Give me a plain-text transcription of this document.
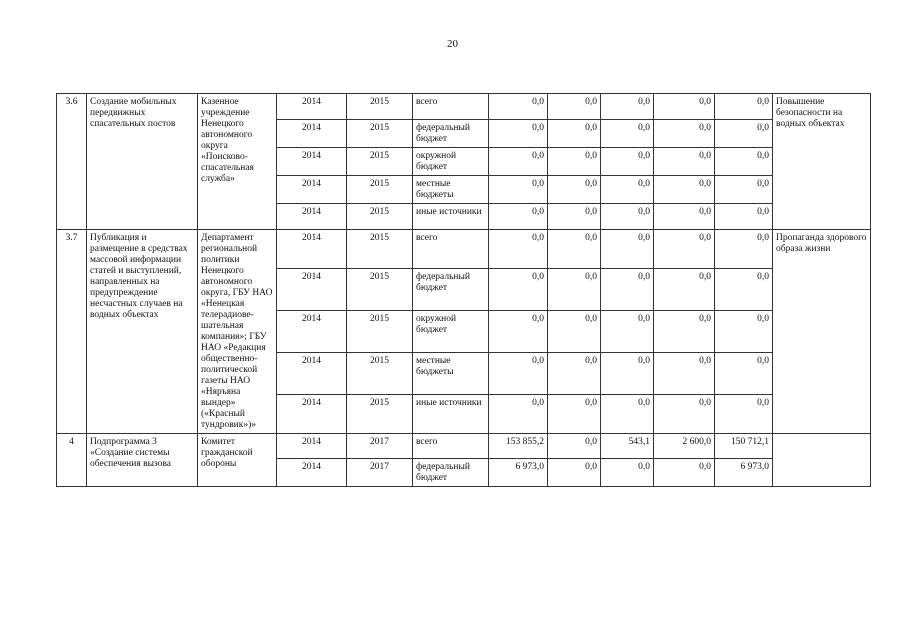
20
3.6	Создание мобильных передвижных спасательных постов	Казенное учреждение Ненецкого автономного округа «Поисково-спасательная служба»	2014	2015	всего	0,0	0,0	0,0	0,0	0,0	Повышение безопасности на водных объектах
			2014	2015	федеральный бюджет	0,0	0,0	0,0	0,0	0,0	
			2014	2015	окружной бюджет	0,0	0,0	0,0	0,0	0,0	
			2014	2015	местные бюджеты	0,0	0,0	0,0	0,0	0,0	
			2014	2015	иные источники	0,0	0,0	0,0	0,0	0,0	
3.7	Публикация и размещение в средствах массовой информации статей и выступлений, направленных на предупреждение несчастных случаев на водных объектах	Департамент региональной политики Ненецкого автономного округа, ГБУ НАО «Ненецкая телерадиове-шательная компания»; ГБУ НАО «Редакция общественно-политической газеты НАО «Няръяна вындер» («Красный тундровик»)»	2014	2015	всего	0,0	0,0	0,0	0,0	0,0	Пропаганда здорового образа жизни
			2014	2015	федеральный бюджет	0,0	0,0	0,0	0,0	0,0	
			2014	2015	окружной бюджет	0,0	0,0	0,0	0,0	0,0	
			2014	2015	местные бюджеты	0,0	0,0	0,0	0,0	0,0	
			2014	2015	иные источники	0,0	0,0	0,0	0,0	0,0	
4	Подпрограмма 3 «Создание системы обеспечения вызова	Комитет гражданской обороны	2014	2017	всего	153 855,2	0,0	543,1	2 600,0	150 712,1	
			2014	2017	федеральный бюджет	6 973,0	0,0	0,0	0,0	6 973,0	
